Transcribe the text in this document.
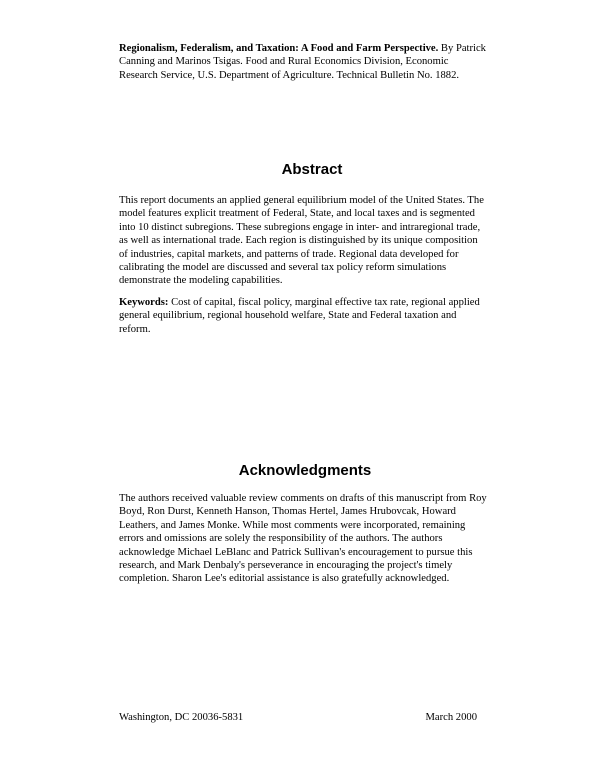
Regionalism, Federalism, and Taxation: A Food and Farm Perspective. By Patrick Canning and Marinos Tsigas. Food and Rural Economics Division, Economic Research Service, U.S. Department of Agriculture. Technical Bulletin No. 1882.
Abstract
This report documents an applied general equilibrium model of the United States. The model features explicit treatment of Federal, State, and local taxes and is segmented into 10 distinct subregions. These subregions engage in inter- and intraregional trade, as well as international trade. Each region is distinguished by its unique composition of industries, capital markets, and patterns of trade. Regional data developed for calibrating the model are discussed and several tax policy reform simulations demonstrate the modeling capabilities.
Keywords: Cost of capital, fiscal policy, marginal effective tax rate, regional applied general equilibrium, regional household welfare, State and Federal taxation and reform.
Acknowledgments
The authors received valuable review comments on drafts of this manuscript from Roy Boyd, Ron Durst, Kenneth Hanson, Thomas Hertel, James Hrubovcak, Howard Leathers, and James Monke. While most comments were incorporated, remaining errors and omissions are solely the responsibility of the authors. The authors acknowledge Michael LeBlanc and Patrick Sullivan's encouragement to pursue this research, and Mark Denbaly's perseverance in encouraging the project's timely completion. Sharon Lee's editorial assistance is also gratefully acknowledged.
Washington, DC 20036-5831	March 2000
